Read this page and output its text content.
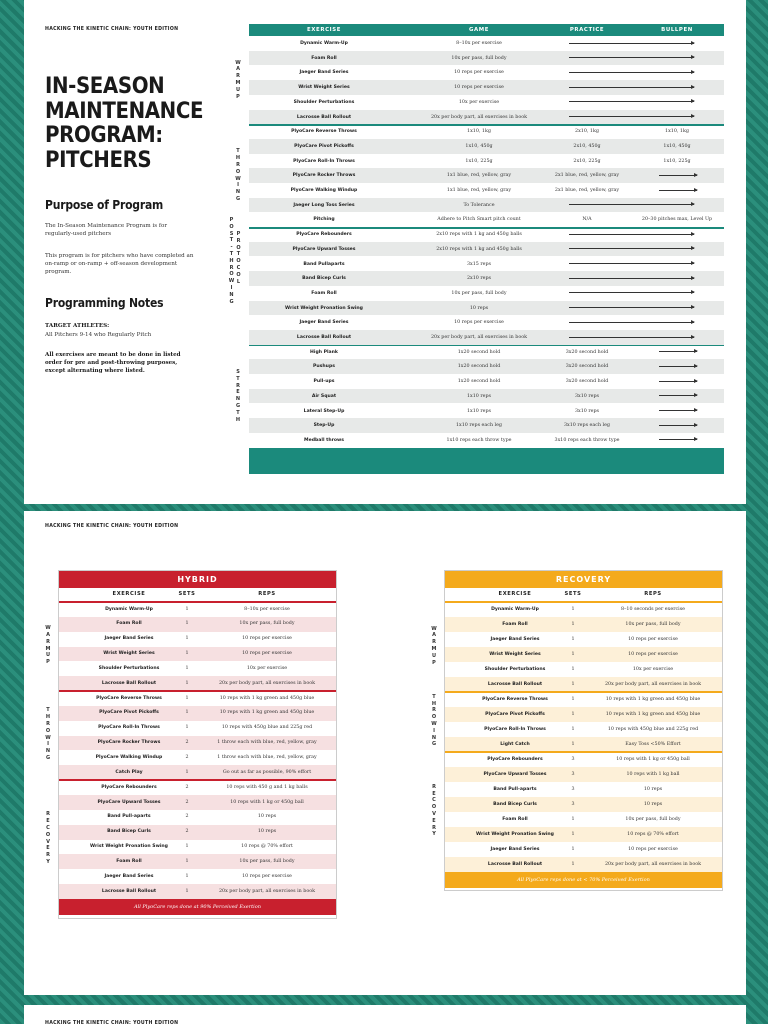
HACKING THE KINETIC CHAIN: YOUTH EDITION
IN-SEASON
MAINTENANCE
PROGRAM:
PITCHERS
Purpose of Program
The In-Season Maintenance Program is for regularly-used pitchers
This program is for pitchers who have completed an on-ramp or on-ramp + off-season development program.
Programming Notes
TARGET ATHLETES:
All Pitchers 9-14 who Regularly Pitch
All exercises are meant to be done in listed order for pre and post-throwing purposes, except alternating where listed.
EXERCISE	GAME	PRACTICE	BULLPEN
Dynamic Warm-Up	8–10x per exercise
Foam Roll	10x per pass, full body
Jaeger Band Series	10 reps per exercise
Wrist Weight Series	10 reps per exercise
Shoulder Perturbations	10x per exercise
Lacrosse Ball Rollout	20x per body part, all exercises in book
PlyoCare Reverse Throws	1x10, 1kg	2x10, 1kg	1x10, 1kg
PlyoCare Pivot Pickoffs	1x10, 450g	2x10, 450g	1x10, 450g
PlyoCare Roll-In Throws	1x10, 225g	2x10, 225g	1x10, 225g
PlyoCare Rocker Throws	1x1 blue, red, yellow, gray	2x1 blue, red, yellow, gray
PlyoCare Walking Windup	1x1 blue, red, yellow, gray	2x1 blue, red, yellow, gray
Jaeger Long Toss Series	To Tolerance
Pitching	Adhere to Pitch Smart pitch count	N/A	20–30 pitches max, Level Up
PlyoCare Rebounders	2x10 reps with 1 kg and 450g balls
PlyoCare Upward Tosses	2x10 reps with 1 kg and 450g balls
Band Pullaparts	3x15 reps
Band Bicep Curls	2x10 reps
Foam Roll	10x per pass, full body
Wrist Weight Pronation Swing	10 reps
Jaeger Band Series	10 reps per exercise
Lacrosse Ball Rollout	20x per body part, all exercises in book
High Plank	1x20 second hold	3x20 second hold
Pushups	1x20 second hold	3x20 second hold
Pull-ups	1x20 second hold	3x20 second hold
Air Squat	1x10 reps	3x10 reps
Lateral Step-Up	1x10 reps	3x10 reps
Step-Up	1x10 reps each leg	3x10 reps each leg
Medball throws	1x10 reps each throw type	3x10 reps each throw type
W
A
R
M
U
P
T
H
R
O
W
I
N
G
P
O
S
T
-
T
H
R
O
W
I
N
G
P
R
O
T
O
C
O
L
S
T
R
E
N
G
T
H
HACKING THE KINETIC CHAIN: YOUTH EDITION
HYBRID
EXERCISE	SETS	REPS
Dynamic Warm-Up	1	8–10x per exercise
Foam Roll	1	10x per pass, full body
Jaeger Band Series	1	10 reps per exercise
Wrist Weight Series	1	10 reps per exercise
Shoulder Perturbations	1	10x per exercise
Lacrosse Ball Rollout	1	20x per body part, all exercises in book
PlyoCare Reverse Throws	1	10 reps with 1 kg green and 450g blue
PlyoCare Pivot Pickoffs	1	10 reps with 1 kg green and 450g blue
PlyoCare Roll-In Throws	1	10 reps with 450g blue and 225g red
PlyoCare Rocker Throws	2	1 throw each with blue, red, yellow, gray
PlyoCare Walking Windup	2	1 throw each with blue, red, yellow, gray
Catch Play	1	Go out as far as possible, 90% effort
PlyoCare Rebounders	2	10 reps with 450 g and 1 kg balls
PlyoCare Upward Tosses	2	10 reps with 1 kg or 450g ball
Band Pull-aparts	2	10 reps
Band Bicep Curls	2	10 reps
Wrist Weight Pronation Swing	1	10 reps @ 70% effort
Foam Roll	1	10x per pass, full body
Jaeger Band Series	1	10 reps per exercise
Lacrosse Ball Rollout	1	20x per body part, all exercises in book
All PlyoCare reps done at 90% Perceived Exertion
RECOVERY
EXERCISE	SETS	REPS
Dynamic Warm-Up	1	8–10 seconds per exercise
Foam Roll	1	10x per pass, full body
Jaeger Band Series	1	10 reps per exercise
Wrist Weight Series	1	10 reps per exercise
Shoulder Perturbations	1	10x per exercise
Lacrosse Ball Rollout	1	20x per body part, all exercises in book
PlyoCare Reverse Throws	1	10 reps with 1 kg green and 450g blue
PlyoCare Pivot Pickoffs	1	10 reps with 1 kg green and 450g blue
PlyoCare Roll-In Throws	1	10 reps with 450g blue and 225g red
Light Catch	1	Easy Toss <50% Effort
PlyoCare Rebounders	3	10 reps with 1 kg or 450g ball
PlyoCare Upward Tosses	3	10 reps with 1 kg ball
Band Pull-aparts	3	10 reps
Band Bicep Curls	3	10 reps
Foam Roll	1	10x per pass, full body
Wrist Weight Pronation Swing	1	10 reps @ 70% effort
Jaeger Band Series	1	10 reps per exercise
Lacrosse Ball Rollout	1	20x per body part, all exercises in book
All PlyoCare reps done at < 70% Perceived Exertion
W
A
R
M
U
P
T
H
R
O
W
I
N
G
R
E
C
O
V
E
R
Y
W
A
R
M
U
P
T
H
R
O
W
I
N
G
R
E
C
O
V
E
R
Y
HACKING THE KINETIC CHAIN: YOUTH EDITION
